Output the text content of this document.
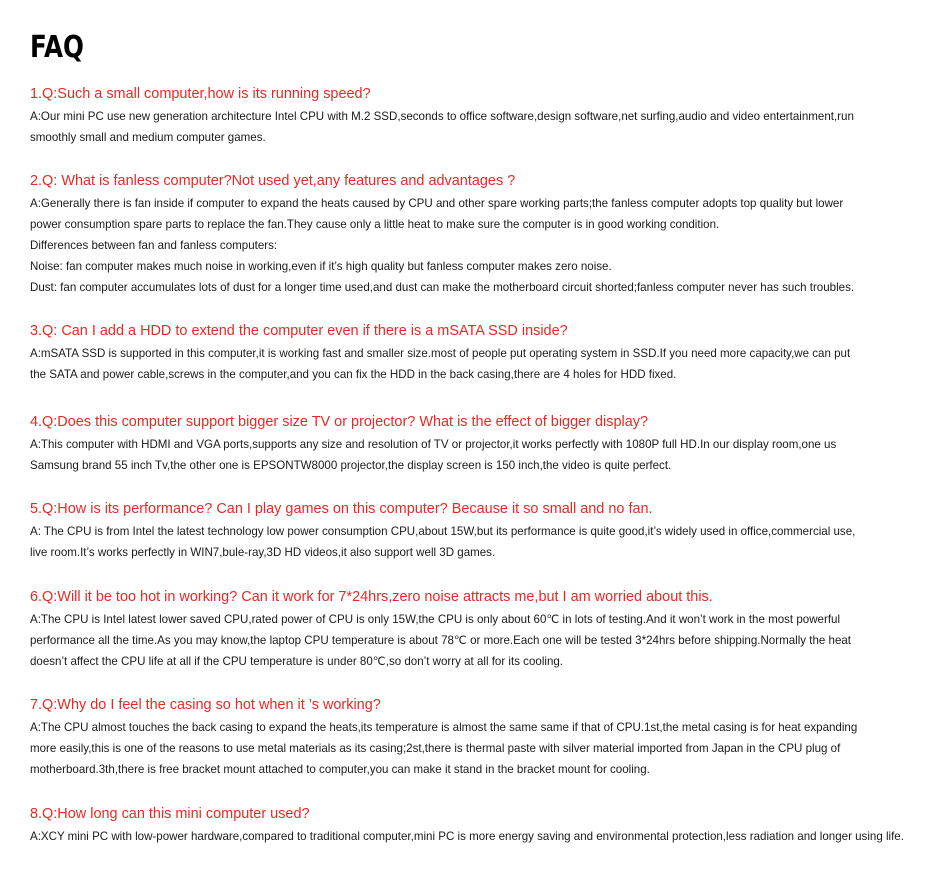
FAQ

1.Q:Such a small computer,how is its running speed?

A:Our mini PC use new generation architecture Intel CPU with M.2 SSD,seconds to office software,design software,net surfing,audio and video entertainment,run
smoothly small and medium computer games.

2.Q: What is fanless computer?Not used yet,any features and advantages ?

A:Generally there is fan inside if computer to expand the heats caused by CPU and other spare working parts;the fanless computer adopts top quality but lower
power consumption spare parts to replace the fan.They cause only a little heat to make sure the computer is in good working condition.
Differences between fan and fanless computers:
Noise: fan computer makes much noise in working,even if it’s high quality but fanless computer makes zero noise.
Dust: fan computer accumulates lots of dust for a longer time used,and dust can make the motherboard circuit shorted;fanless computer never has such troubles.

3.Q: Can I add a HDD to extend the computer even if there is a mSATA SSD inside?

A:mSATA SSD is supported in this computer,it is working fast and smaller size.most of people put operating system in SSD.If you need more capacity,we can put
the SATA and power cable,screws in the computer,and you can fix the HDD in the back casing,there are 4 holes for HDD fixed.

4.Q:Does this computer support bigger size TV or projector? What is the effect of bigger display?

A:This computer with HDMI and VGA ports,supports any size and resolution of TV or projector,it works perfectly with 1080P full HD.In our display room,one us
Samsung brand 55 inch Tv,the other one is EPSONTW8000 projector,the display screen is 150 inch,the video is quite perfect.

5.Q:How is its performance? Can I play games on this computer? Because it so small and no fan.

A: The CPU is from Intel the latest technology low power consumption CPU,about 15W,but its performance is quite good,it’s widely used in office,commercial use,
live room.It’s works perfectly in WIN7,bule-ray,3D HD videos,it also support well 3D games.

6.Q:Will it be too hot in working? Can it work for 7*24hrs,zero noise attracts me,but I am worried about this.

A:The CPU is Intel latest lower saved CPU,rated power of CPU is only 15W,the CPU is only about 60℃ in lots of testing.And it won’t work in the most powerful
performance all the time.As you may know,the laptop CPU temperature is about 78℃ or more.Each one will be tested 3*24hrs before shipping.Normally the heat
doesn’t affect the CPU life at all if the CPU temperature is under 80℃,so don’t worry at all for its cooling.

7.Q:Why do I feel the casing so hot when it ’s working?

A:The CPU almost touches the back casing to expand the heats,its temperature is almost the same same if that of CPU.1st,the metal casing is for heat expanding
more easily,this is one of the reasons to use metal materials as its casing;2st,there is thermal paste with silver material imported from Japan in the CPU plug of
motherboard.3th,there is free bracket mount attached to computer,you can make it stand in the bracket mount for cooling.

8.Q:How long can this mini computer used?

A:XCY mini PC with low-power hardware,compared to traditional computer,mini PC is more energy saving and environmental protection,less radiation and longer using life.
